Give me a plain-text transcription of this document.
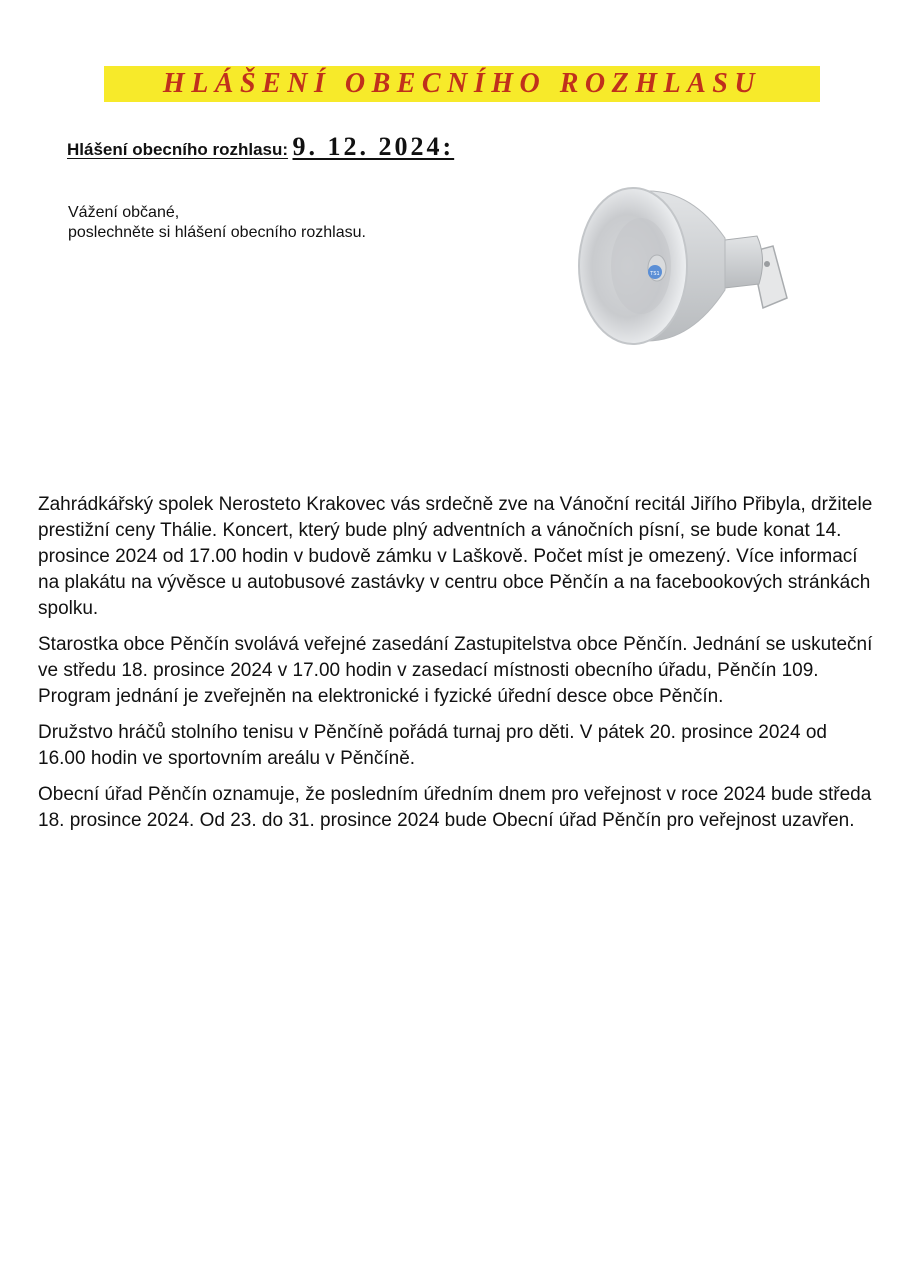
HLÁŠENÍ OBECNÍHO ROZHLASU
Hlášení obecního rozhlasu: 9. 12. 2024:
Vážení občané,
poslechněte si hlášení obecního rozhlasu.
TS1

Zahrádkářský spolek Nerosteto Krakovec vás srdečně zve na Vánoční recitál Jiřího Přibyla, držitele prestižní ceny Thálie. Koncert, který bude plný adventních a vánočních písní, se bude konat 14. prosince 2024 od 17.00 hodin v budově zámku v Laškově. Počet míst je omezený. Více informací na plakátu na vývěsce u autobusové zastávky v centru obce Pěnčín a na facebookových stránkách spolku.

Starostka obce Pěnčín svolává veřejné zasedání Zastupitelstva obce Pěnčín. Jednání se uskuteční ve středu 18. prosince 2024 v 17.00 hodin v zasedací místnosti obecního úřadu, Pěnčín 109. Program jednání je zveřejněn na elektronické i fyzické úřední desce obce Pěnčín.

Družstvo hráčů stolního tenisu v Pěnčíně pořádá turnaj pro děti. V pátek 20. prosince 2024 od 16.00 hodin ve sportovním areálu v Pěnčíně.

Obecní úřad Pěnčín oznamuje, že posledním úředním dnem pro veřejnost v roce 2024 bude středa 18. prosince 2024. Od 23. do 31. prosince 2024 bude Obecní úřad Pěnčín pro veřejnost uzavřen.
